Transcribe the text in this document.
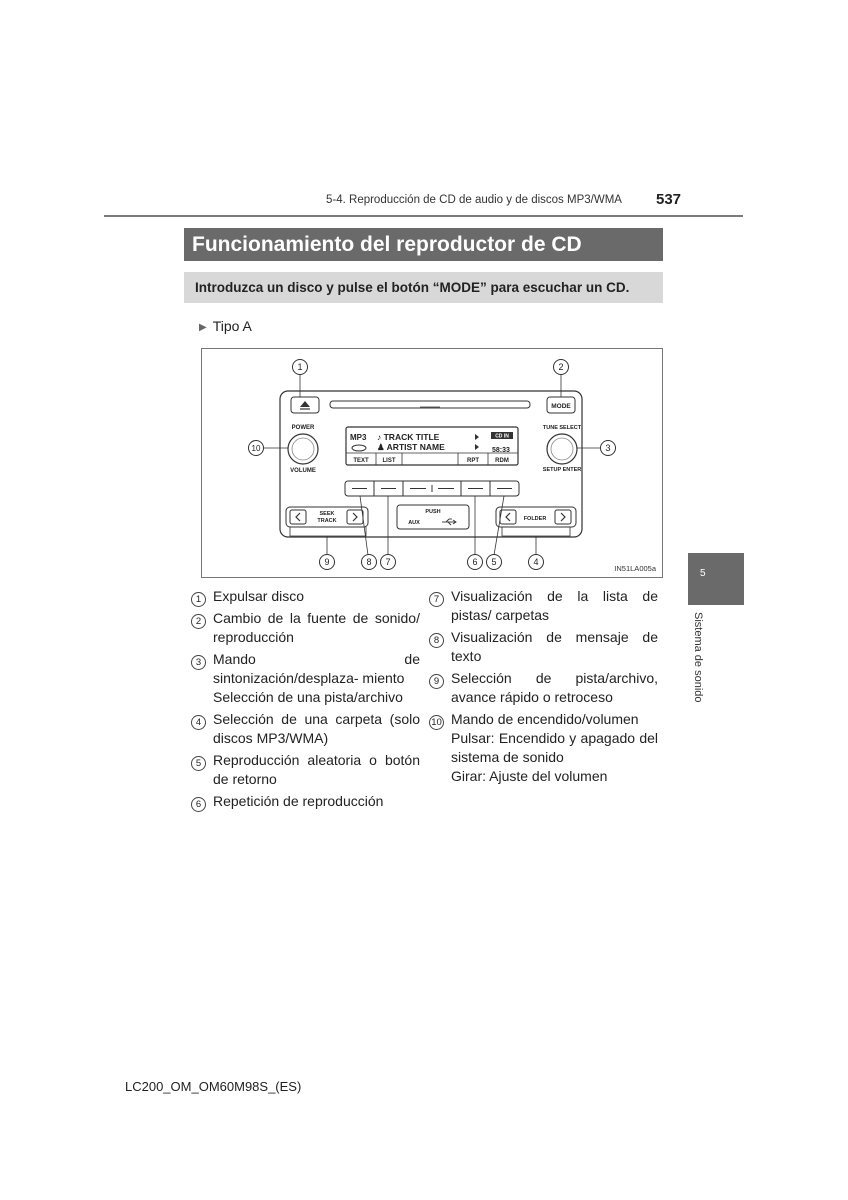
5-4. Reproducción de CD de audio y de discos MP3/WMA 537
Funcionamiento del reproductor de CD
Introduzca un disco y pulse el botón “MODE” para escuchar un CD.
▶ Tipo A
MODE
POWER
VOLUME
TUNE SELECT
SETUP ENTER
MP3 ♪ TRACK TITLE
♟ ARTIST NAME
CD IN
58:33
TEXT LIST	RPT	RDM
SEEK
TRACK
PUSH
AUX
FOLDER
1	2
3
4
5
6
7
8
9
10
IN51LA005a
1 Expulsar disco
2 Cambio de la fuente de sonido/ reproducción
3 Mando de sintonización/desplaza- miento
Selección de una pista/archivo
4 Selección de una carpeta (solo discos MP3/WMA)
5 Reproducción aleatoria o botón de retorno
6 Repetición de reproducción
7 Visualización de la lista de pistas/ carpetas
8 Visualización de mensaje de texto
9 Selección de pista/archivo, avance rápido o retroceso
10 Mando de encendido/volumen
Pulsar: Encendido y apagado del sistema de sonido
Girar: Ajuste del volumen
5
Sistema de sonido
LC200_OM_OM60M98S_(ES)
